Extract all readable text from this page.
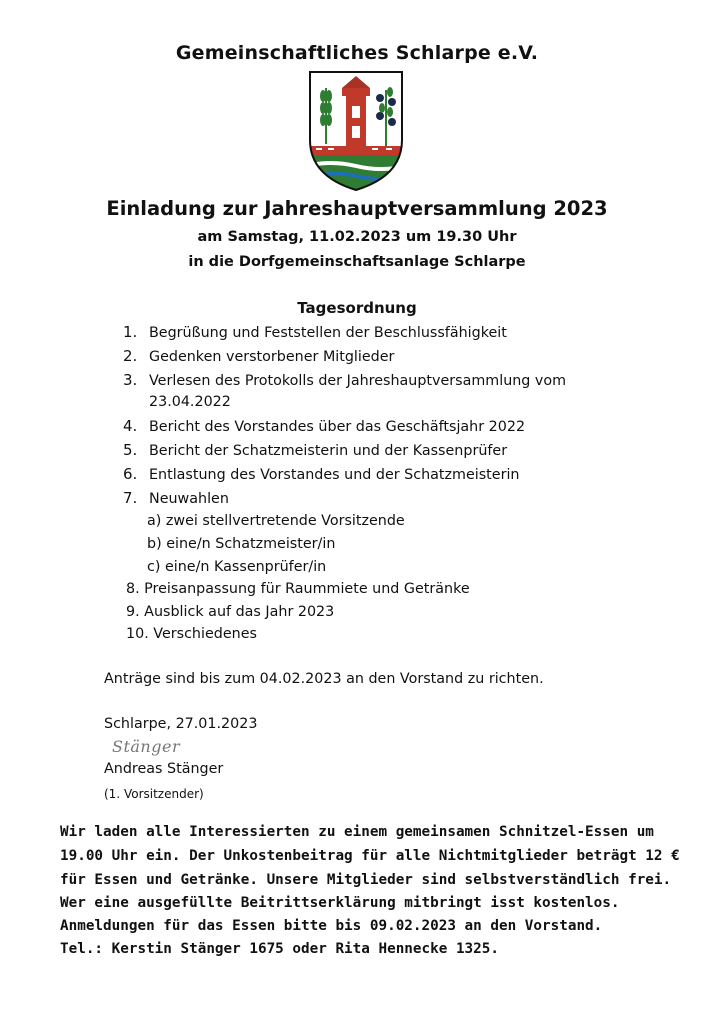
Gemeinschaftliches Schlarpe e.V.
Einladung zur Jahreshauptversammlung 2023
am Samstag, 11.02.2023 um 19.30 Uhr
in die Dorfgemeinschaftsanlage Schlarpe
Tagesordnung
1. Begrüßung und Feststellen der Beschlussfähigkeit
2. Gedenken verstorbener Mitglieder
3. Verlesen des Protokolls der Jahreshauptversammlung vom
23.04.2022
4. Bericht des Vorstandes über das Geschäftsjahr 2022
5. Bericht der Schatzmeisterin und der Kassenprüfer
6. Entlastung des Vorstandes und der Schatzmeisterin
7. Neuwahlen
a) zwei stellvertretende Vorsitzende
b) eine/n Schatzmeister/in
c) eine/n Kassenprüfer/in
8. Preisanpassung für Raummiete und Getränke
9. Ausblick auf das Jahr 2023
10. Verschiedenes
Anträge sind bis zum 04.02.2023 an den Vorstand zu richten.
Schlarpe, 27.01.2023
Stänger
Andreas Stänger
(1. Vorsitzender)
Wir laden alle Interessierten zu einem gemeinsamen Schnitzel-Essen um
19.00 Uhr ein. Der Unkostenbeitrag für alle Nichtmitglieder beträgt 12 €
für Essen und Getränke. Unsere Mitglieder sind selbstverständlich frei.
Wer eine ausgefüllte Beitrittserklärung mitbringt isst kostenlos.
Anmeldungen für das Essen bitte bis 09.02.2023 an den Vorstand.
Tel.: Kerstin Stänger 1675 oder Rita Hennecke 1325.
